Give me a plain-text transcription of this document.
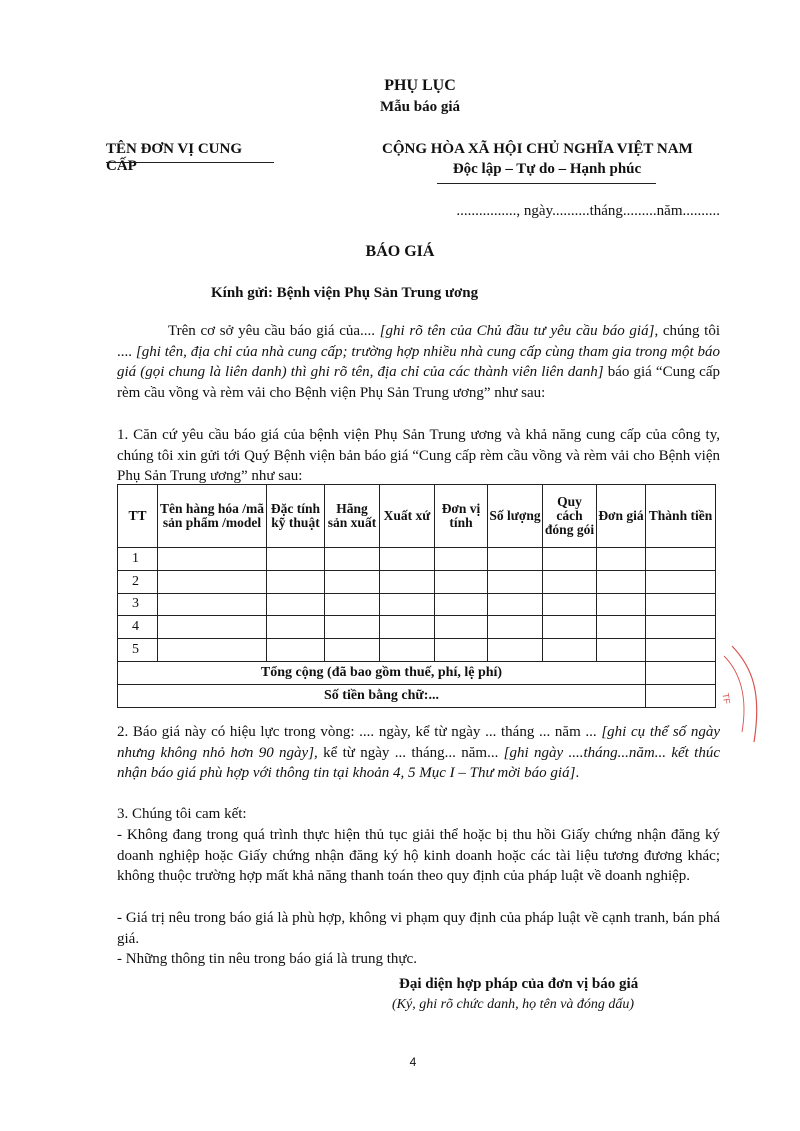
PHỤ LỤC
Mẫu báo giá
TÊN ĐƠN VỊ CUNG CẤP
CỘNG HÒA XÃ HỘI CHỦ NGHĨA VIỆT NAM
Độc lập – Tự do – Hạnh phúc
................, ngày..........tháng.........năm..........
BÁO GIÁ
Kính gửi: Bệnh viện Phụ Sản Trung ương
Trên cơ sở yêu cầu báo giá của.... [ghi rõ tên của Chủ đầu tư yêu cầu báo giá], chúng tôi .... [ghi tên, địa chỉ của nhà cung cấp; trường hợp nhiều nhà cung cấp cùng tham gia trong một báo giá (gọi chung là liên danh) thì ghi rõ tên, địa chỉ của các thành viên liên danh] báo giá “Cung cấp rèm cầu vồng và rèm vải cho Bệnh viện Phụ Sản Trung ương” như sau:
1. Căn cứ yêu cầu báo giá của bệnh viện Phụ Sản Trung ương và khả năng cung cấp của công ty, chúng tôi xin gửi tới Quý Bệnh viện bản báo giá “Cung cấp rèm cầu vồng và rèm vải cho Bệnh viện Phụ Sản Trung ương” như sau:
TT	Tên hàng hóa /mã sản phẩm /model	Đặc tính kỹ thuật	Hãng sản xuất	Xuất xứ	Đơn vị tính	Số lượng	Quy cách đóng gói	Đơn giá	Thành tiền
1									
2									
3									
4									
5									
Tổng cộng (đã bao gồm thuế, phí, lệ phí)									
Số tiền bằng chữ:...									
2. Báo giá này có hiệu lực trong vòng: .... ngày, kể từ ngày ... tháng ... năm ... [ghi cụ thể số ngày nhưng không nhỏ hơn 90 ngày], kể từ ngày ... tháng... năm... [ghi ngày ....tháng...năm... kết thúc nhận báo giá phù hợp với thông tin tại khoản 4, 5 Mục I – Thư mời báo giá].
3. Chúng tôi cam kết:
- Không đang trong quá trình thực hiện thủ tục giải thể hoặc bị thu hồi Giấy chứng nhận đăng ký doanh nghiệp hoặc Giấy chứng nhận đăng ký hộ kinh doanh hoặc các tài liệu tương đương khác; không thuộc trường hợp mất khả năng thanh toán theo quy định của pháp luật về doanh nghiệp.
- Giá trị nêu trong báo giá là phù hợp, không vi phạm quy định của pháp luật về cạnh tranh, bán phá giá.
- Những thông tin nêu trong báo giá là trung thực.
Đại diện hợp pháp của đơn vị báo giá
(Ký, ghi rõ chức danh, họ tên và đóng dấu)
4
TF
